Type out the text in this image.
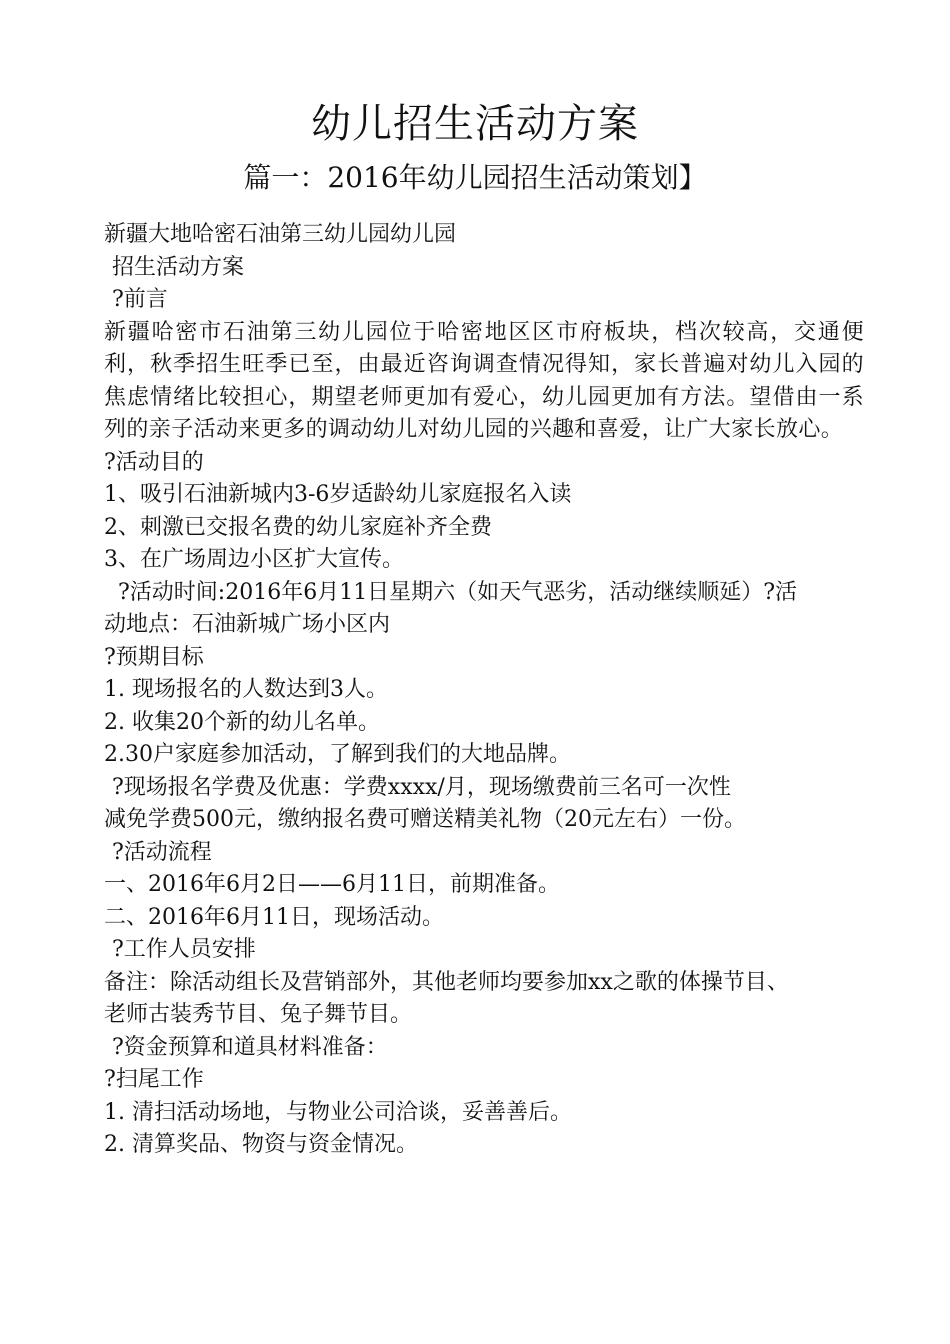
幼儿招生活动方案
篇一：2016年幼儿园招生活动策划】
新疆大地哈密石油第三幼儿园幼儿园
招生活动方案
?前言
新疆哈密市石油第三幼儿园位于哈密地区区市府板块，档次较高，交通便利，秋季招生旺季已至，由最近咨询调查情况得知，家长普遍对幼儿入园的焦虑情绪比较担心，期望老师更加有爱心，幼儿园更加有方法。望借由一系列的亲子活动来更多的调动幼儿对幼儿园的兴趣和喜爱，让广大家长放心。
?活动目的
1、吸引石油新城内3-6岁适龄幼儿家庭报名入读
2、刺激已交报名费的幼儿家庭补齐全费
3、在广场周边小区扩大宣传。
?活动时间:2016年6月11日星期六（如天气恶劣，活动继续顺延）?活
动地点：石油新城广场小区内
?预期目标
1. 现场报名的人数达到3人。
2. 收集20个新的幼儿名单。
2.30户家庭参加活动，了解到我们的大地品牌。
?现场报名学费及优惠：学费xxxx/月，现场缴费前三名可一次性
减免学费500元，缴纳报名费可赠送精美礼物（20元左右）一份。
?活动流程
一、2016年6月2日——6月11日，前期准备。
二、2016年6月11日，现场活动。
?工作人员安排
备注：除活动组长及营销部外，其他老师均要参加xx之歌的体操节目、
老师古装秀节目、兔子舞节目。
?资金预算和道具材料准备：
?扫尾工作
1. 清扫活动场地，与物业公司洽谈，妥善善后。
2. 清算奖品、物资与资金情况。
